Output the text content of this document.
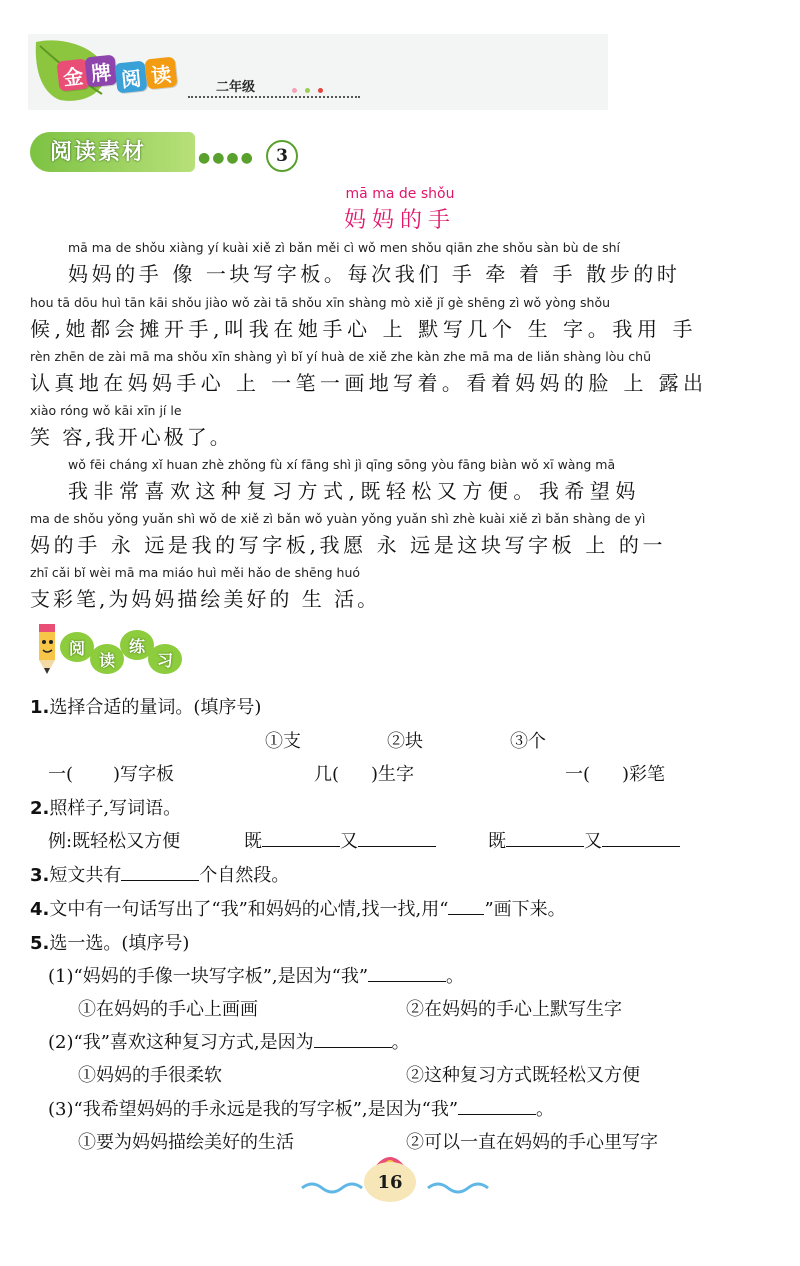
金 牌 阅 读
二年级
阅读素材	●●●●	3
mā ma de shǒu
妈妈的手
mā ma de shǒu xiàng yí kuài xiě zì bǎn měi cì wǒ men shǒu qiān zhe shǒu sàn bù de shí
妈妈的手 像 一块写字板。每次我们 手 牵 着 手 散步的时
hou tā dōu huì tān kāi shǒu jiào wǒ zài tā shǒu xīn shàng mò xiě jǐ gè shēng zì wǒ yòng shǒu
候,她都会摊开手,叫我在她手心 上 默写几个 生 字。我用 手
rèn zhēn de zài mā ma shǒu xīn shàng yì bǐ yí huà de xiě zhe kàn zhe mā ma de liǎn shàng lòu chū
认真地在妈妈手心 上 一笔一画地写着。看着妈妈的脸 上 露出
xiào róng wǒ kāi xīn jí le
笑 容,我开心极了。
wǒ fēi cháng xǐ huan zhè zhǒng fù xí fāng shì jì qīng sōng yòu fāng biàn wǒ xī wàng mā
我非常喜欢这种复习方式,既轻松又方便。我希望妈
ma de shǒu yǒng yuǎn shì wǒ de xiě zì bǎn wǒ yuàn yǒng yuǎn shì zhè kuài xiě zì bǎn shàng de yì
妈的手 永 远是我的写字板,我愿 永 远是这块写字板 上 的一
zhī cǎi bǐ wèi mā ma miáo huì měi hǎo de shēng huó
支彩笔,为妈妈描绘美好的 生 活。
阅
读
练
习
1.选择合适的量词。(填序号)
①支	②块	③个
一( )写字板	几( )生字	一( )彩笔
2.照样子,写词语。
例:既轻松又方便	既	又	既	又
3.短文共有	个自然段。
4.文中有一句话写出了“我”和妈妈的心情,找一找,用“ ”画下来。
5.选一选。(填序号)
(1)“妈妈的手像一块写字板”,是因为“我”	。
①在妈妈的手心上画画	②在妈妈的手心上默写生字
(2)“我”喜欢这种复习方式,是因为	。
①妈妈的手很柔软	②这种复习方式既轻松又方便
(3)“我希望妈妈的手永远是我的写字板”,是因为“我”	。
①要为妈妈描绘美好的生活	②可以一直在妈妈的手心里写字
16
